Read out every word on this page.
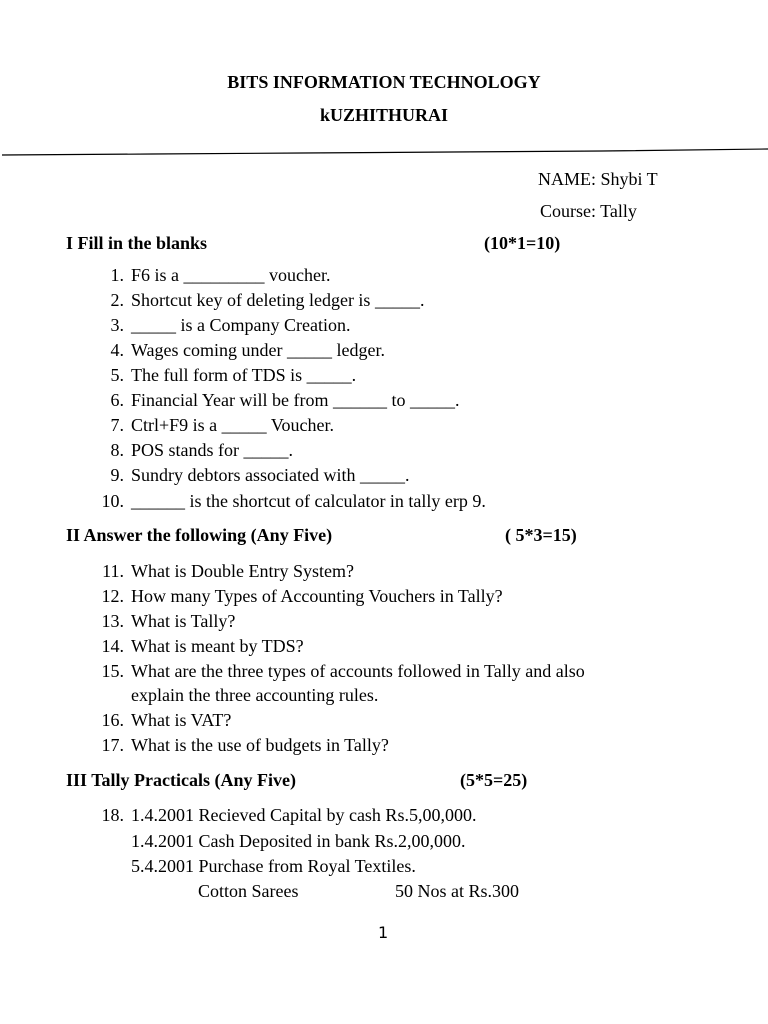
BITS INFORMATION TECHNOLOGY
kUZHITHURAI
NAME: Shybi T
Course: Tally
I Fill in the blanks	(10*1=10)
1. F6 is a _________ voucher.
2. Shortcut key of deleting ledger is _____.
3. _____ is a Company Creation.
4. Wages coming under _____ ledger.
5. The full form of TDS is _____.
6. Financial Year will be from ______ to _____.
7. Ctrl+F9 is a _____ Voucher.
8. POS stands for _____.
9. Sundry debtors associated with _____.
10. ______ is the shortcut of calculator in tally erp 9.
II Answer the following (Any Five)	( 5*3=15)
11. What is Double Entry System?
12. How many Types of Accounting Vouchers in Tally?
13. What is Tally?
14. What is meant by TDS?
15. What are the three types of accounts followed in Tally and also
explain the three accounting rules.
16. What is VAT?
17. What is the use of budgets in Tally?
III Tally Practicals (Any Five)	(5*5=25)
18. 1.4.2001 Recieved Capital by cash Rs.5,00,000.
1.4.2001 Cash Deposited in bank Rs.2,00,000.
5.4.2001 Purchase from Royal Textiles.
Cotton Sarees	50 Nos at Rs.300
1
